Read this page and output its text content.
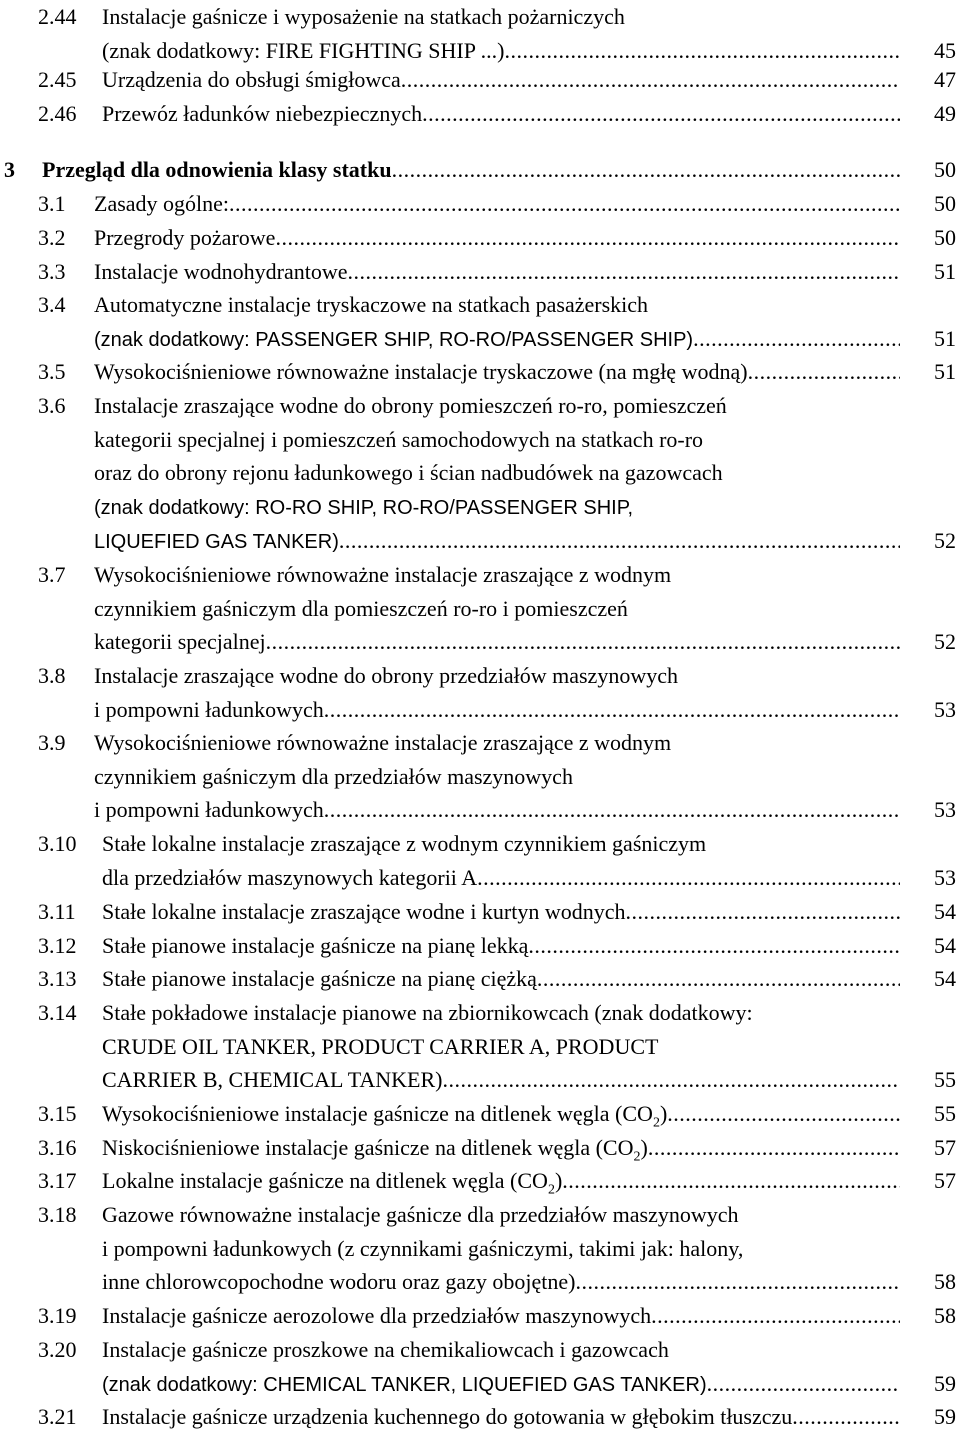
2.44 Instalacje gaśnicze i wyposażenie na statkach pożarniczych
(znak dodatkowy: FIRE FIGHTING SHIP ...) .....	45
2.45 Urządzenia do obsługi śmigłowca .....	47
2.46 Przewóz ładunków niebezpiecznych .....	49
3 Przegląd dla odnowienia klasy statku .....	50
3.1 Zasady ogólne: .....	50
3.2 Przegrody pożarowe .....	50
3.3 Instalacje wodnohydrantowe .....	51
3.4 Automatyczne instalacje tryskaczowe na statkach pasażerskich
(znak dodatkowy: PASSENGER SHIP, RO-RO/PASSENGER SHIP) .....	51
3.5 Wysokociśnieniowe równoważne instalacje tryskaczowe (na mgłę wodną) .....	51
3.6 Instalacje zraszające wodne do obrony pomieszczeń ro-ro, pomieszczeń
kategorii specjalnej i pomieszczeń samochodowych na statkach ro-ro
oraz do obrony rejonu ładunkowego i ścian nadbudówek na gazowcach
(znak dodatkowy: RO-RO SHIP, RO-RO/PASSENGER SHIP,
LIQUEFIED GAS TANKER) .....	52
3.7 Wysokociśnieniowe równoważne instalacje zraszające z wodnym
czynnikiem gaśniczym dla pomieszczeń ro-ro i pomieszczeń
kategorii specjalnej .....	52
3.8 Instalacje zraszające wodne do obrony przedziałów maszynowych
i pompowni ładunkowych .....	53
3.9 Wysokociśnieniowe równoważne instalacje zraszające z wodnym
czynnikiem gaśniczym dla przedziałów maszynowych
i pompowni ładunkowych .....	53
3.10 Stałe lokalne instalacje zraszające z wodnym czynnikiem gaśniczym
dla przedziałów maszynowych kategorii A .....	53
3.11 Stałe lokalne instalacje zraszające wodne i kurtyn wodnych .....	54
3.12 Stałe pianowe instalacje gaśnicze na pianę lekką .....	54
3.13 Stałe pianowe instalacje gaśnicze na pianę ciężką .....	54
3.14 Stałe pokładowe instalacje pianowe na zbiornikowcach (znak dodatkowy:
CRUDE OIL TANKER, PRODUCT CARRIER A, PRODUCT
CARRIER B, CHEMICAL TANKER) .....	55
3.15 Wysokociśnieniowe instalacje gaśnicze na ditlenek węgla $(CO_2)$ .....	55
3.16 Niskociśnieniowe instalacje gaśnicze na ditlenek węgla $(CO_2)$ .....	57
3.17 Lokalne instalacje gaśnicze na ditlenek węgla $(CO_2)$ .....	57
3.18 Gazowe równoważne instalacje gaśnicze dla przedziałów maszynowych
i pompowni ładunkowych (z czynnikami gaśniczymi, takimi jak: halony,
inne chlorowcopochodne wodoru oraz gazy obojętne) .....	58
3.19 Instalacje gaśnicze aerozolowe dla przedziałów maszynowych .....	58
3.20 Instalacje gaśnicze proszkowe na chemikaliowcach i gazowcach
(znak dodatkowy: CHEMICAL TANKER, LIQUEFIED GAS TANKER) .....	59
3.21 Instalacje gaśnicze urządzenia kuchennego do gotowania w głębokim tłuszczu .....	59
